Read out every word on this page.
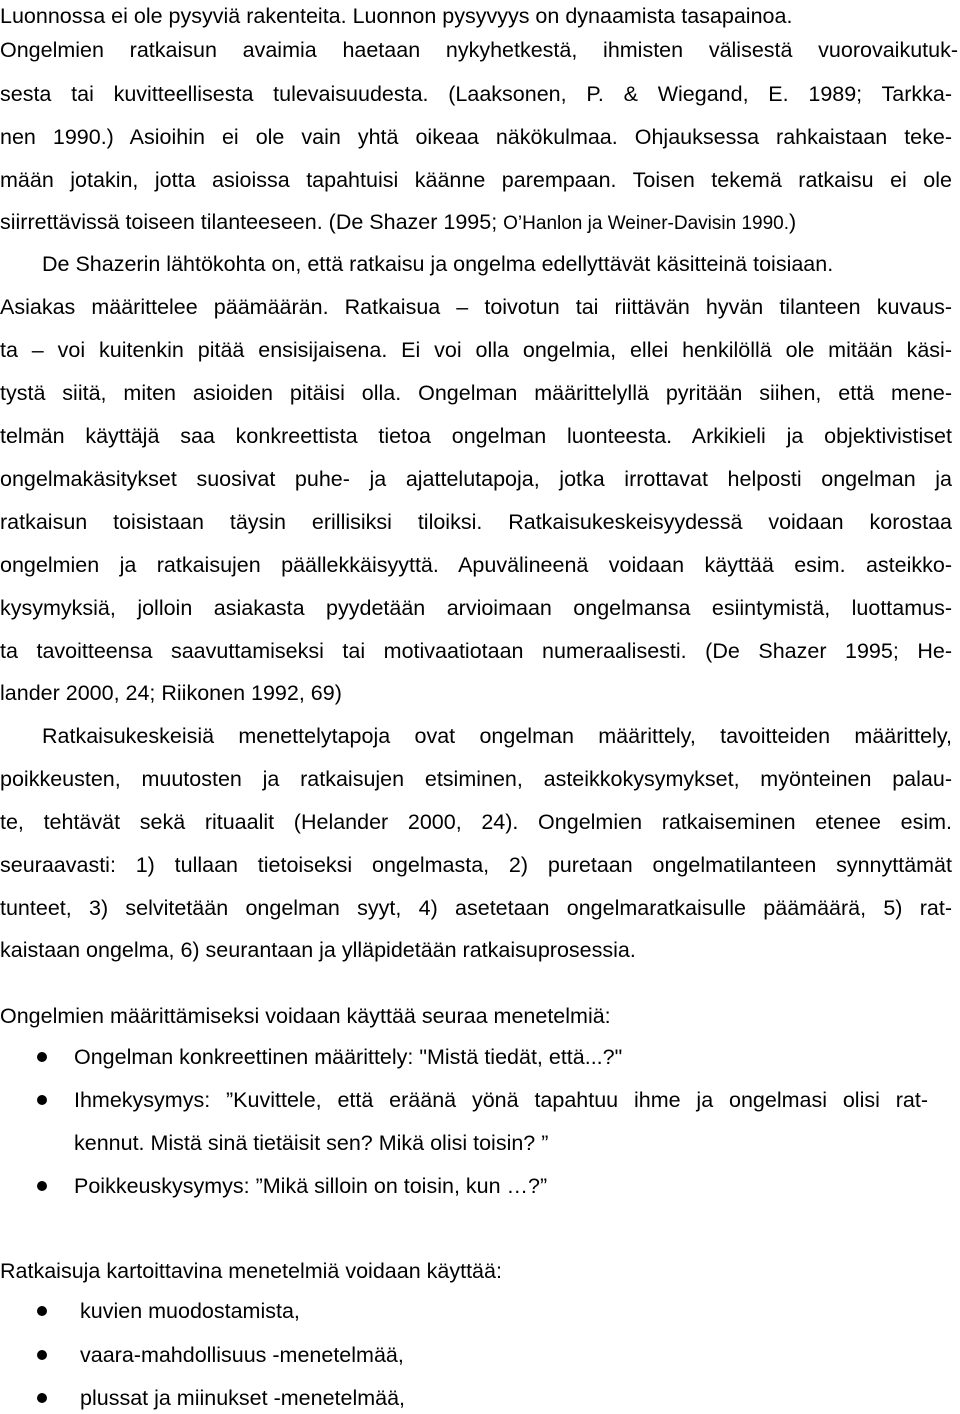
Luonnossa ei ole pysyviä rakenteita. Luonnon pysyvyys on dynaamista tasapainoa.
Ongelmien ratkaisun avaimia haetaan nykyhetkestä, ihmisten välisestä vuorovaikutuk-
sesta tai kuvitteellisesta tulevaisuudesta. (Laaksonen, P. & Wiegand, E. 1989; Tarkka-
nen 1990.) Asioihin ei ole vain yhtä oikeaa näkökulmaa. Ohjauksessa rahkaistaan teke-
mään jotakin, jotta asioissa tapahtuisi käänne parempaan. Toisen tekemä ratkaisu ei ole
siirrettävissä toiseen tilanteeseen. (De Shazer 1995; O’Hanlon ja Weiner-Davisin 1990.)
De Shazerin lähtökohta on, että ratkaisu ja ongelma edellyttävät käsitteinä toisiaan.
Asiakas määrittelee päämäärän. Ratkaisua – toivotun tai riittävän hyvän tilanteen kuvaus-
ta – voi kuitenkin pitää ensisijaisena. Ei voi olla ongelmia, ellei henkilöllä ole mitään käsi-
tystä siitä, miten asioiden pitäisi olla. Ongelman määrittelyllä pyritään siihen, että mene-
telmän käyttäjä saa konkreettista tietoa ongelman luonteesta. Arkikieli ja objektivistiset
ongelmakäsitykset suosivat puhe- ja ajattelutapoja, jotka irrottavat helposti ongelman ja
ratkaisun toisistaan täysin erillisiksi tiloiksi. Ratkaisukeskeisyydessä voidaan korostaa
ongelmien ja ratkaisujen päällekkäisyyttä. Apuvälineenä voidaan käyttää esim. asteikko-
kysymyksiä, jolloin asiakasta pyydetään arvioimaan ongelmansa esiintymistä, luottamus-
ta tavoitteensa saavuttamiseksi tai motivaatiotaan numeraalisesti. (De Shazer 1995; He-
lander 2000, 24; Riikonen 1992, 69)
Ratkaisukeskeisiä menettelytapoja ovat ongelman määrittely, tavoitteiden määrittely,
poikkeusten, muutosten ja ratkaisujen etsiminen, asteikkokysymykset, myönteinen palau-
te, tehtävät sekä rituaalit (Helander 2000, 24). Ongelmien ratkaiseminen etenee esim.
seuraavasti: 1) tullaan tietoiseksi ongelmasta, 2) puretaan ongelmatilanteen synnyttämät
tunteet, 3) selvitetään ongelman syyt, 4) asetetaan ongelmaratkaisulle päämäärä, 5) rat-
kaistaan ongelma, 6) seurantaan ja ylläpidetään ratkaisuprosessia.
Ongelmien määrittämiseksi voidaan käyttää seuraa menetelmiä:
Ongelman konkreettinen määrittely: "Mistä tiedät, että...?"
Ihmekysymys: ”Kuvittele, että eräänä yönä tapahtuu ihme ja ongelmasi olisi rat-
kennut. Mistä sinä tietäisit sen? Mikä olisi toisin? ”
Poikkeuskysymys: ”Mikä silloin on toisin, kun …?”
Ratkaisuja kartoittavina menetelmiä voidaan käyttää:
kuvien muodostamista,
vaara-mahdollisuus -menetelmää,
plussat ja miinukset -menetelmää,
